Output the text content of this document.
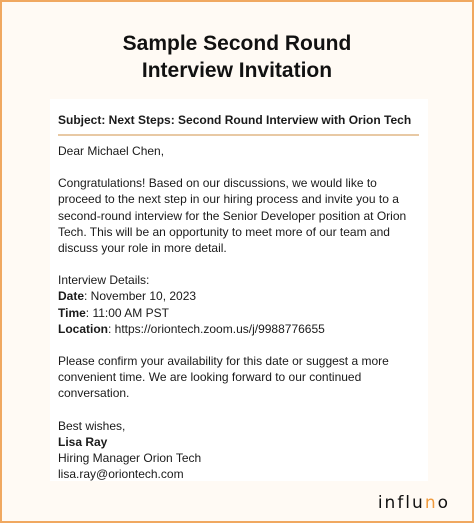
Sample Second Round
Interview Invitation
Subject: Next Steps: Second Round Interview with Orion Tech
Dear Michael Chen,
Congratulations! Based on our discussions, we would like to
proceed to the next step in our hiring process and invite you to a
second-round interview for the Senior Developer position at Orion
Tech. This will be an opportunity to meet more of our team and
discuss your role in more detail.
Interview Details:
Date: November 10, 2023
Time: 11:00 AM PST
Location: https://oriontech.zoom.us/j/9988776655
Please confirm your availability for this date or suggest a more
convenient time. We are looking forward to our continued
conversation.
Best wishes,
Lisa Ray
Hiring Manager Orion Tech
lisa.ray@oriontech.com
influno
